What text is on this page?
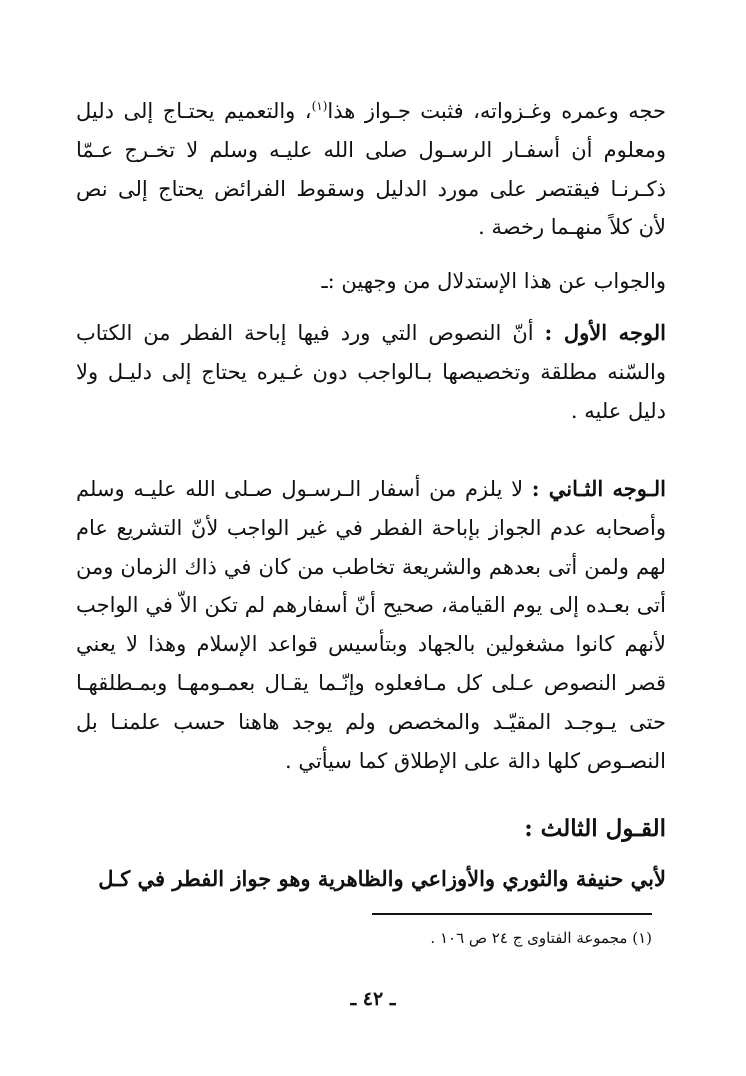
حجه وعمره وغـزواته، فثبت جـواز هذا$^{(١)}$، والتعميم يحتـاج إلى دليل ومعلوم أن أسفـار الرسـول صلى الله عليـه وسلم لا تخـرج عـمّا ذكـرنـا فيقتصر على مورد الدليل وسقوط الفرائض يحتاج إلى نص لأن كلاً منهـما رخصة .
والجواب عن هذا الإستدلال من وجهين :ـ
الوجه الأول : أنّ النصوص التي ورد فيها إباحة الفطر من الكتاب والسّنه مطلقة وتخصيصها بـالواجب دون غـيره يحتاج إلى دليـل ولا دليل عليه .
الـوجه الثـاني : لا يلزم من أسفار الـرسـول صـلى الله عليـه وسلم وأصحابه عدم الجواز بإباحة الفطر في غير الواجب لأنّ التشريع عام لهم ولمن أتى بعدهم والشريعة تخاطب من كان في ذاك الزمان ومن أتى بعـده إلى يوم القيامة، صحيح أنّ أسفارهم لم تكن الاّ في الواجب لأنهم كانوا مشغولين بالجهاد وبتأسيس قواعد الإسلام وهذا لا يعني قصر النصوص عـلى كل مـافعلوه وإنّـما يقـال بعمـومهـا وبمـطلقهـا حتى يـوجـد المقيّـد والمخصص ولم يوجد هاهنا حسب علمنـا بل النصـوص كلها دالة على الإطلاق كما سيأتي .
القـول الثالث :
لأبي حنيفة والثوري والأوزاعي والظاهرية وهو جواز الفطر في كـل
(١) مجموعة الفتاوى ج ٢٤ ص ١٠٦ .
ـ ٤٢ ـ
